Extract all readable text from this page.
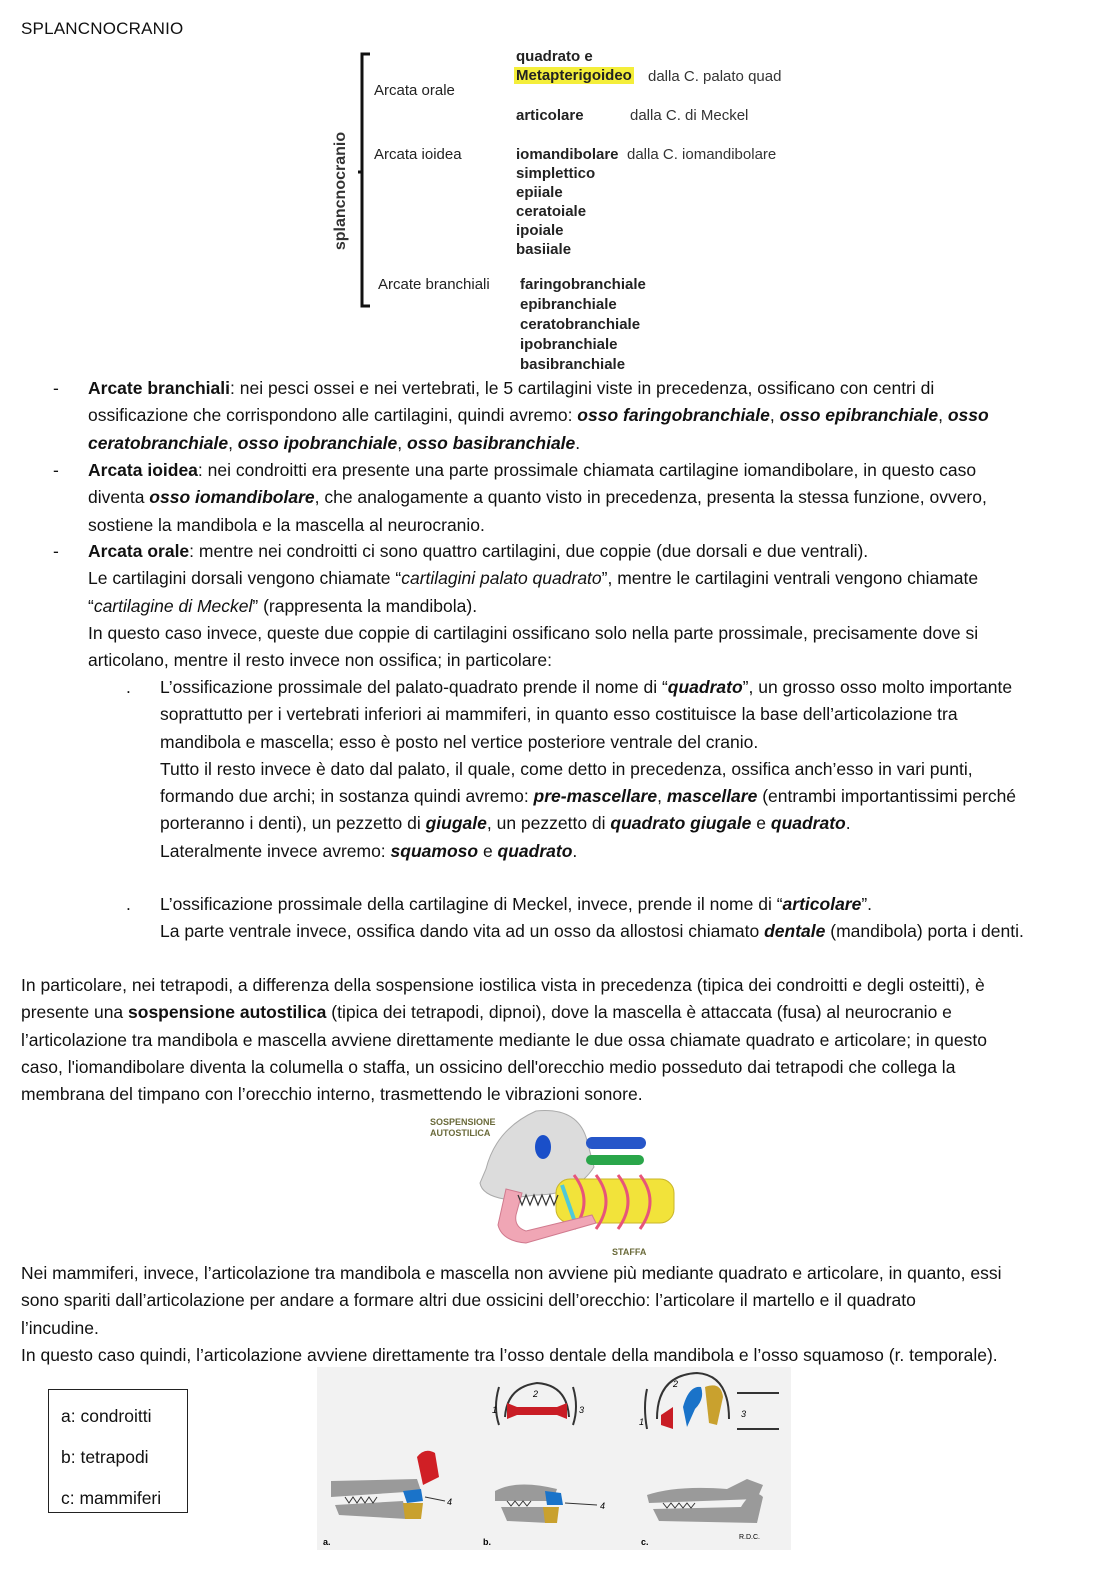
SPLANCNOCRANIO
splancnocranio
Arcata orale
Arcata ioidea
Arcate branchiali
quadrato e
Metapterigoideo dalla C. palato quad
articolare	dalla C. di Meckel
iomandibolare dalla C. iomandibolare
simplettico
epiiale
ceratoiale
ipoiale
basiiale
faringobranchiale
epibranchiale
ceratobranchiale
ipobranchiale
basibranchiale
- Arcate branchiali: nei pesci ossei e nei vertebrati, le 5 cartilagini viste in precedenza, ossificano con centri di
ossificazione che corrispondono alle cartilagini, quindi avremo: osso faringobranchiale, osso epibranchiale, osso
ceratobranchiale, osso ipobranchiale, osso basibranchiale.
- Arcata ioidea: nei condroitti era presente una parte prossimale chiamata cartilagine iomandibolare, in questo caso
diventa osso iomandibolare, che analogamente a quanto visto in precedenza, presenta la stessa funzione, ovvero,
sostiene la mandibola e la mascella al neurocranio.
- Arcata orale: mentre nei condroitti ci sono quattro cartilagini, due coppie (due dorsali e due ventrali).
Le cartilagini dorsali vengono chiamate “cartilagini palato quadrato”, mentre le cartilagini ventrali vengono chiamate
“cartilagine di Meckel” (rappresenta la mandibola).
In questo caso invece, queste due coppie di cartilagini ossificano solo nella parte prossimale, precisamente dove si
articolano, mentre il resto invece non ossifica; in particolare:
. L’ossificazione prossimale del palato-quadrato prende il nome di “quadrato”, un grosso osso molto importante
soprattutto per i vertebrati inferiori ai mammiferi, in quanto esso costituisce la base dell’articolazione tra
mandibola e mascella; esso è posto nel vertice posteriore ventrale del cranio.
Tutto il resto invece è dato dal palato, il quale, come detto in precedenza, ossifica anch’esso in vari punti,
formando due archi; in sostanza quindi avremo: pre-mascellare, mascellare (entrambi importantissimi perché
porteranno i denti), un pezzetto di giugale, un pezzetto di quadrato giugale e quadrato.
Lateralmente invece avremo: squamoso e quadrato.
. L’ossificazione prossimale della cartilagine di Meckel, invece, prende il nome di “articolare”.
La parte ventrale invece, ossifica dando vita ad un osso da allostosi chiamato dentale (mandibola) porta i denti.
In particolare, nei tetrapodi, a differenza della sospensione iostilica vista in precedenza (tipica dei condroitti e degli osteitti), è
presente una sospensione autostilica (tipica dei tetrapodi, dipnoi), dove la mascella è attaccata (fusa) al neurocranio e
l’articolazione tra mandibola e mascella avviene direttamente mediante le due ossa chiamate quadrato e articolare; in questo
caso, l'iomandibolare diventa la columella o staffa, un ossicino dell'orecchio medio posseduto dai tetrapodi che collega la
membrana del timpano con l’orecchio interno, trasmettendo le vibrazioni sonore.
SOSPENSIONE
AUTOSTILICA
STAFFA
Nei mammiferi, invece, l’articolazione tra mandibola e mascella non avviene più mediante quadrato e articolare, in quanto, essi
sono spariti dall’articolazione per andare a formare altri due ossicini dell’orecchio: l’articolare il martello e il quadrato
l’incudine.
In questo caso quindi, l’articolazione avviene direttamente tra l’osso dentale della mandibola e l’osso squamoso (r. temporale).
a: condroitti
b: tetrapodi
c: mammiferi
1
2
3
1
2
3
4
a.
4
b.	R.D.C.
c.
